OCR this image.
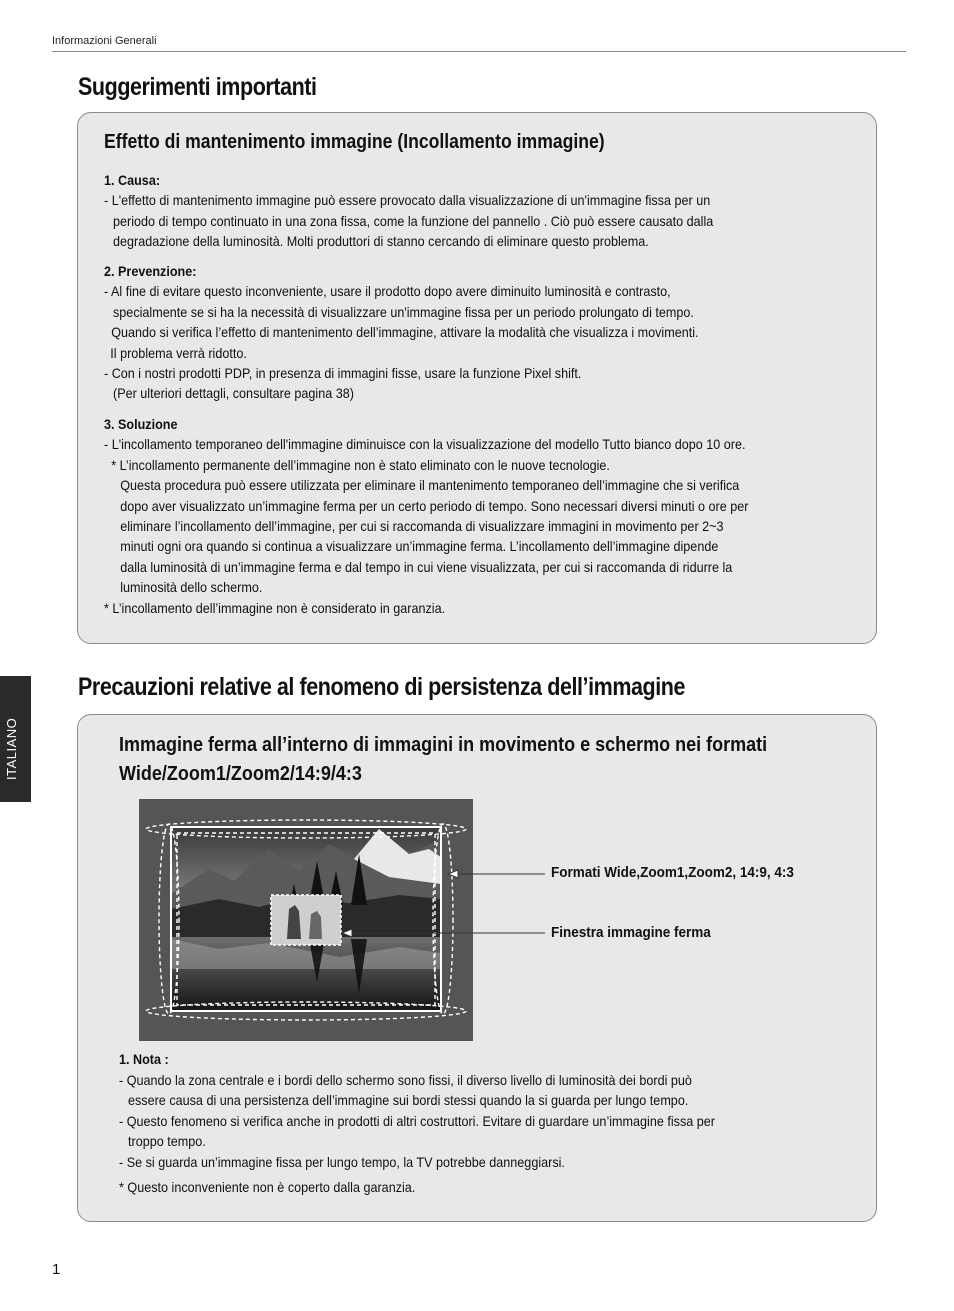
Informazioni Generali
Suggerimenti importanti
Effetto di mantenimento immagine (Incollamento immagine)
1. Causa:
- L'effetto di mantenimento immagine può essere provocato dalla visualizzazione di un'immagine fissa per un
periodo di tempo continuato in una zona fissa, come la funzione del pannello . Ciò può essere causato dalla
degradazione della luminosità. Molti produttori di stanno cercando di eliminare questo problema.
2. Prevenzione:
- Al fine di evitare questo inconveniente, usare il prodotto dopo avere diminuito luminosità e contrasto,
specialmente se si ha la necessità di visualizzare un'immagine fissa per un periodo prolungato di tempo.
Quando si verifica l’effetto di mantenimento dell’immagine, attivare la modalità che visualizza i movimenti.
Il problema verrà ridotto.
- Con i nostri prodotti PDP, in presenza di immagini fisse, usare la funzione Pixel shift.
(Per ulteriori dettagli, consultare pagina 38)
3. Soluzione
- L'incollamento temporaneo dell'immagine diminuisce con la visualizzazione del modello Tutto bianco dopo 10 ore.
* L’incollamento permanente dell’immagine non è stato eliminato con le nuove tecnologie.
Questa procedura può essere utilizzata per eliminare il mantenimento temporaneo dell’immagine che si verifica
dopo aver visualizzato un’immagine ferma per un certo periodo di tempo. Sono necessari diversi minuti o ore per
eliminare l’incollamento dell’immagine, per cui si raccomanda di visualizzare immagini in movimento per 2~3
minuti ogni ora quando si continua a visualizzare un’immagine ferma. L’incollamento dell’immagine dipende
dalla luminosità di un’immagine ferma e dal tempo in cui viene visualizzata, per cui si raccomanda di ridurre la
luminosità dello schermo.
* L’incollamento dell’immagine non è considerato in garanzia.
ITALIANO
Precauzioni relative al fenomeno di persistenza dell’immagine
Immagine ferma all’interno di immagini in movimento e schermo nei formati
Wide/Zoom1/Zoom2/14:9/4:3
1. Nota :
- Quando la zona centrale e i bordi dello schermo sono fissi, il diverso livello di luminosità dei bordi può
essere causa di una persistenza dell’immagine sui bordi stessi quando la si guarda per lungo tempo.
- Questo fenomeno si verifica anche in prodotti di altri costruttori. Evitare di guardare un’immagine fissa per
troppo tempo.
- Se si guarda un’immagine fissa per lungo tempo, la TV potrebbe danneggiarsi.
* Questo inconveniente non è coperto dalla garanzia.
Formati Wide,Zoom1,Zoom2, 14:9, 4:3
Finestra immagine ferma
1
